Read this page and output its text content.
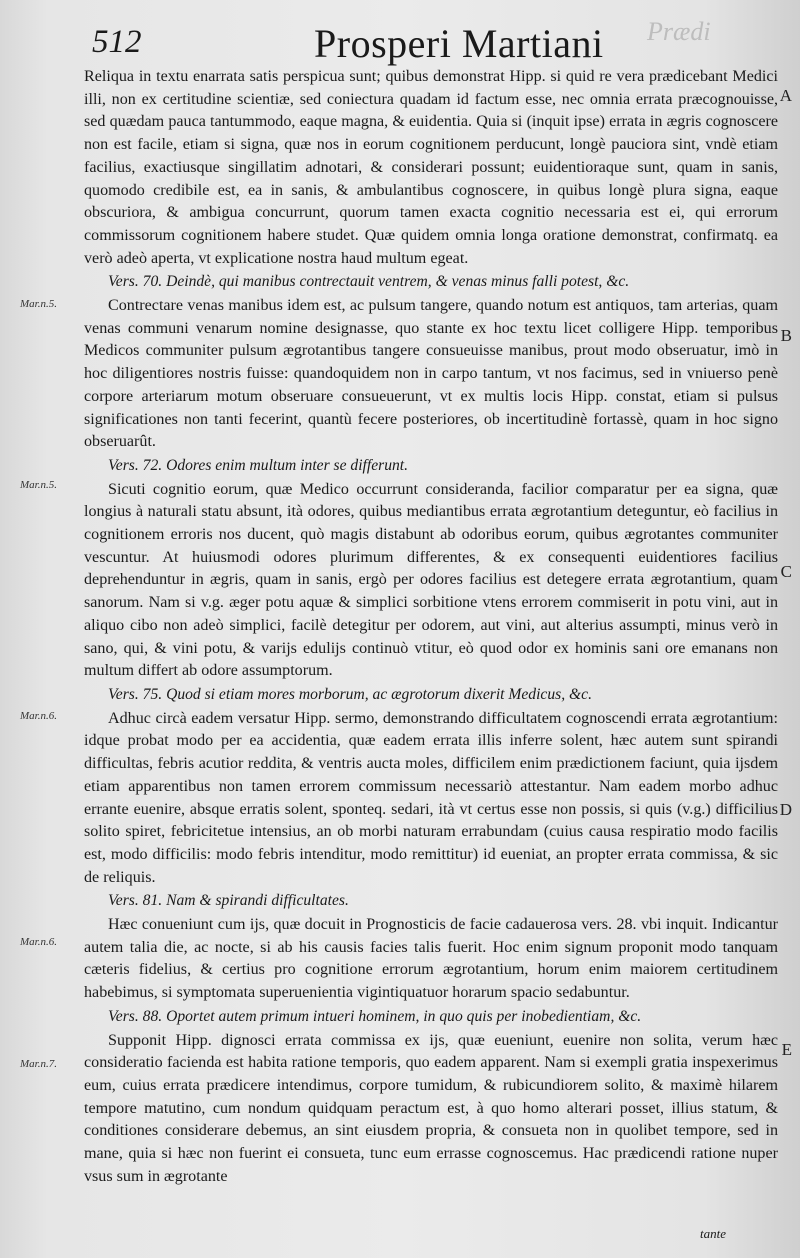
Prædi
512	Prosperi Martiani
Mar.n.5.
Mar.n.5.
Mar.n.6.
Mar.n.6.
Mar.n.7.
A
B
C
D
E

Reliqua in textu enarrata satis perspicua sunt; quibus demonstrat Hipp. si quid re vera prædicebant Medici illi, non ex certitudine scientiæ, sed coniectura quadam id factum esse, nec omnia errata præcognouisse, sed quædam pauca tantummodo, eaque magna, & euidentia. Quia si (inquit ipse) errata in ægris cognoscere non est facile, etiam si signa, quæ nos in eorum cognitionem perducunt, longè pauciora sint, vndè etiam facilius, exactiusque singillatim adnotari, & considerari possunt; euidentioraque sunt, quam in sanis, quomodo credibile est, ea in sanis, & ambulantibus cognoscere, in quibus longè plura signa, eaque obscuriora, & ambigua concurrunt, quorum tamen exacta cognitio necessaria est ei, qui errorum commissorum cognitionem habere studet. Quæ quidem omnia longa oratione demonstrat, confirmatq. ea verò adeò aperta, vt explicatione nostra haud multum egeat.

Vers. 70. Deindè, qui manibus contrectauit ventrem, & venas minus falli potest, &c.

Contrectare venas manibus idem est, ac pulsum tangere, quando notum est antiquos, tam arterias, quam venas communi venarum nomine designasse, quo stante ex hoc textu licet colligere Hipp. temporibus Medicos communiter pulsum ægrotantibus tangere consueuisse manibus, prout modo obseruatur, imò in hoc diligentiores nostris fuisse: quandoquidem non in carpo tantum, vt nos facimus, sed in vniuerso penè corpore arteriarum motum obseruare consueuerunt, vt ex multis locis Hipp. constat, etiam si pulsus significationes non tanti fecerint, quantù fecere posteriores, ob incertitudinè fortassè, quam in hoc signo obseruarût.

Vers. 72. Odores enim multum inter se differunt.

Sicuti cognitio eorum, quæ Medico occurrunt consideranda, facilior comparatur per ea signa, quæ longius à naturali statu absunt, ità odores, quibus mediantibus errata ægrotantium deteguntur, eò facilius in cognitionem erroris nos ducent, quò magis distabunt ab odoribus eorum, quibus ægrotantes communiter vescuntur. At huiusmodi odores plurimum differentes, & ex consequenti euidentiores facilius deprehenduntur in ægris, quam in sanis, ergò per odores facilius est detegere errata ægrotantium, quam sanorum. Nam si v.g. æger potu aquæ & simplici sorbitione vtens errorem commiserit in potu vini, aut in aliquo cibo non adeò simplici, facilè detegitur per odorem, aut vini, aut alterius assumpti, minus verò in sano, qui, & vini potu, & varijs edulijs continuò vtitur, eò quod odor ex hominis sani ore emanans non multum differt ab odore assumptorum.

Vers. 75. Quod si etiam mores morborum, ac ægrotorum dixerit Medicus, &c.

Adhuc circà eadem versatur Hipp. sermo, demonstrando difficultatem cognoscendi errata ægrotantium: idque probat modo per ea accidentia, quæ eadem errata illis inferre solent, hæc autem sunt spirandi difficultas, febris acutior reddita, & ventris aucta moles, difficilem enim prædictionem faciunt, quia ijsdem etiam apparentibus non tamen errorem commissum necessariò attestantur. Nam eadem morbo adhuc errante euenire, absque erratis solent, sponteq. sedari, ità vt certus esse non possis, si quis (v.g.) difficilius solito spiret, febricitetue intensius, an ob morbi naturam errabundam (cuius causa respiratio modo facilis est, modo difficilis: modo febris intenditur, modo remittitur) id eueniat, an propter errata commissa, & sic de reliquis.

Vers. 81. Nam & spirandi difficultates.

Hæc conueniunt cum ijs, quæ docuit in Prognosticis de facie cadauerosa vers. 28. vbi inquit. Indicantur autem talia die, ac nocte, si ab his causis facies talis fuerit. Hoc enim signum proponit modo tanquam cæteris fidelius, & certius pro cognitione errorum ægrotantium, horum enim maiorem certitudinem habebimus, si symptomata superuenientia vigintiquatuor horarum spacio sedabuntur.

Vers. 88. Oportet autem primum intueri hominem, in quo quis per inobedientiam, &c.

Supponit Hipp. dignosci errata commissa ex ijs, quæ eueniunt, euenire non solita, verum hæc consideratio facienda est habita ratione temporis, quo eadem apparent. Nam si exempli gratia inspexerimus eum, cuius errata prædicere intendimus, corpore tumidum, & rubicundiorem solito, & maximè hilarem tempore matutino, cum nondum quidquam peractum est, à quo homo alterari posset, illius statum, & conditiones considerare debemus, an sint eiusdem propria, & consueta non in quolibet tempore, sed in mane, quia si hæc non fuerint ei consueta, tunc eum errasse cognoscemus. Hac prædicendi ratione nuper vsus sum in ægrotante

tante
